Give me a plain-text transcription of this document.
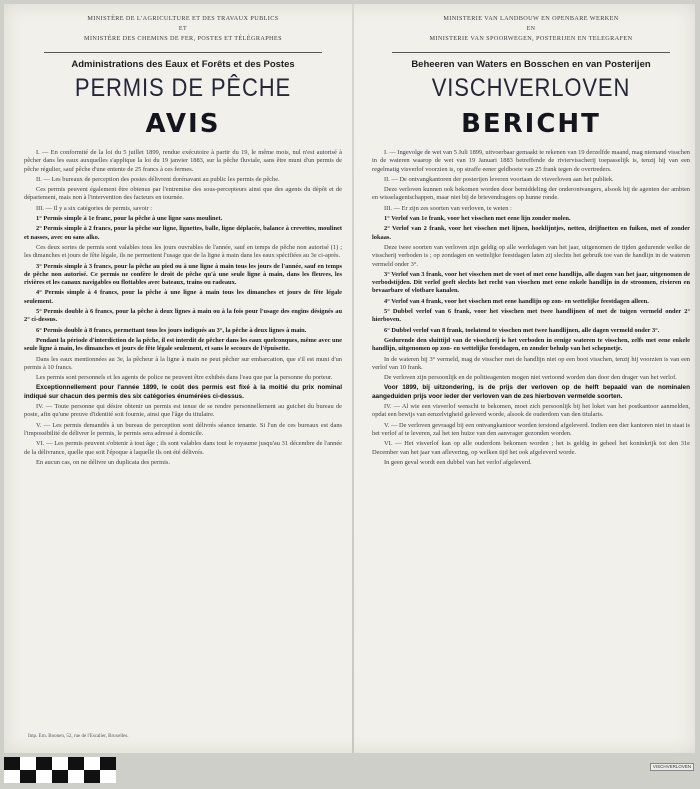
MINISTÈRE DE L'AGRICULTURE ET DES TRAVAUX PUBLICS
ET
MINISTÈRE DES CHEMINS DE FER, POSTES ET TÉLÉGRAPHES
Administrations des Eaux et Forêts et des Postes
PERMIS DE PÊCHE
AVIS

I. — En conformité de la loi du 5 juillet 1899, rendue exécutoire à partir du 19, le même mois, nul n'est autorisé à pêcher dans les eaux auxquelles s'applique la loi du 19 janvier 1883, sur la pêche fluviale, sans être muni d'un permis de pêche régulier, sauf pêche d'une entente de 25 francs à ces fermes.

II. — Les bureaux de perception des postes délivrent dorénavant au public les permis de pêche.

Ces permis peuvent également être obtenus par l'entremise des sous-percepteurs ainsi que des agents du dépôt et de département, mais non à l'intervention des facteurs en tournée.

III. — Il y a six catégories de permis, savoir :

1° Permis simple à 1e franc, pour la pêche à une ligne sans moulinet.

2° Permis simple à 2 francs, pour la pêche sur ligne, lignettes, balle, ligne déplacée, balance à crevettes, moulinet et nasses, avec ou sans alko.

Ces deux sortes de permis sont valables tous les jours ouvrables de l'année, sauf en temps de pêche non autorisé (1) ; les dimanches et jours de fête légale, ils ne permettent l'usage que de la ligne à main dans les eaux spécifiées au 3e ci-après.

3° Permis simple à 3 francs, pour la pêche au pied ou à une ligne à main tous les jours de l'année, sauf en temps de pêche non autorisé. Ce permis ne confère le droit de pêche qu'à une seule ligne à main, dans les fleuves, les rivières et les canaux navigables ou flottables avec bateaux, trains ou radeaux.

4° Permis simple à 4 francs, pour la pêche à une ligne à main tous les dimanches et jours de fête légale seulement.

5° Permis double à 6 francs, pour la pêche à deux lignes à main ou à la fois pour l'usage des engins désignés au 2° ci-dessus.

6° Permis double à 8 francs, permettant tous les jours indiqués au 3°, la pêche à deux lignes à main.

Pendant la période d'interdiction de la pêche, il est interdit de pêcher dans les eaux quelconques, même avec une seule ligne à main, les dimanches et jours de fête légale seulement, et sans le secours de l'épuisette.

Dans les eaux mentionnées au 3e, la pêcheur à la ligne à main ne peut pêcher sur embarcation, que s'il est muni d'un permis à 10 francs.

Les permis sont personnels et les agents de police ne peuvent être exhibés dans l'eau que par la personne du porteur.

Exceptionnellement pour l'année 1899, le coût des permis est fixé à la moitié du prix nominal indiqué sur chacun des permis des six catégories énumérées ci-dessus.

IV. — Toute personne qui désire obtenir un permis est tenue de se rendre personnellement au guichet du bureau de poste, afin qu'une preuve d'identité soit fournie, ainsi que l'âge du titulaire.

V. — Les permis demandés à un bureau de perception sont délivrés séance tenante. Si l'un de ces bureaux est dans l'impossibilité de délivrer le permis, le permis sera adressé à domicile.

VI. — Les permis peuvent s'obtenir à tout âge ; ils sont valables dans tout le royaume jusqu'au 31 décembre de l'année de la délivrance, quelle que soit l'époque à laquelle ils ont été délivrés.

En aucun cas, on ne délivre un duplicata des permis.

MINISTERIE VAN LANDBOUW EN OPENBARE WERKEN
EN
MINISTERIE VAN SPOORWEGEN, POSTERIJEN EN TELEGRAFEN
Beheeren van Waters en Bosschen en van Posterijen
VISCHVERLOVEN
BERICHT

I. — Ingevolge de wet van 5 Juli 1899, uitvoerbaar gemaakt te rekenen van 19 derzelfde maand, mag niemand visschen in de wateren waarop de wet van 19 Januari 1883 betreffende de riviervisscherij toepasselijk is, tenzij hij van een regelmatig visverlof voorzien is, op straffe eener geldboete van 25 frank tegen de overtreders.

II. — De ontvangkantoren der posterijen leveren voortaan de visverloven aan het publiek.

Deze verloven kunnen ook bekomen worden door bemiddeling der onderontvangers, alsook bij de agenten der ambten en wisselagentschappen, maar niet bij de brievendragers op hunne ronde.

III. — Er zijn zes soorten van verloven, te weten :

1° Verlof van 1e frank, voor het visschen met eene lijn zonder molen.

2° Verlof van 2 frank, voor het visschen met lijnen, hoeklijntjes, netten, drijfnetten en fuiken, met of zonder lokaas.

Deze twee soorten van verloven zijn geldig op alle werkdagen van het jaar, uitgenomen de tijden gedurende welke de visscherij verboden is ; op zondagen en wettelijke feestdagen laten zij slechts het gebruik toe van de handlijn in de wateren vermeld onder 3°.

3° Verlof van 3 frank, voor het visschen met de voet of met eene handlijn, alle dagen van het jaar, uitgenomen de verbodstijden. Dit verlof geeft slechts het recht van visschen met eene enkele handlijn in de stroomen, rivieren en bevaarbare of vlotbare kanalen.

4° Verlof van 4 frank, voor het visschen met eene handlijn op zon- en wettelijke feestdagen alleen.

5° Dubbel verlof van 6 frank, voor het visschen met twee handlijnen of met de tuigen vermeld onder 2° hierboven.

6° Dubbel verlof van 8 frank, toelatend te visschen met twee handlijnen, alle dagen vermeld onder 3°.

Gedurende den sluittijd van de visscherij is het verboden in eenige wateren te visschen, zelfs met eene enkele handlijn, uitgenomen op zon- en wettelijke feestdagen, en zonder behulp van het schepnetje.

In de wateren bij 3° vermeld, mag de visscher met de handlijn niet op een boot visschen, tenzij hij voorzien is van een verlof van 10 frank.

De verloven zijn persoonlijk en de politieagenten mogen niet vertoond worden dan door den drager van het verlof.

Voor 1899, bij uitzondering, is de prijs der verloven op de helft bepaald van de nominalen aangeduiden prijs voor ieder der verloven van de zes hierboven vermelde soorten.

IV. — Al wie een visverlof wenscht te bekomen, moet zich persoonlijk bij het loket van het postkantoor aanmelden, opdat een bewijs van eenzelvigheid geleverd worde, alsook de ouderdom van den titularis.

V. — De verloven gevraagd bij een ontvangkantoor worden terstond afgeleverd. Indien een dier kantoren niet in staat is het verlof af te leveren, zal het ten huize van den aanvrager gezonden worden.

VI. — Het visverlof kan op alle ouderdom bekomen worden ; het is geldig in geheel het koninkrijk tot den 31e December van het jaar van aflevering, op welken tijd het ook afgeleverd worde.

In geen geval wordt een dubbel van het verlof afgeleverd.

Imp. Ern. Boonen, 52, rue de l'Escalier, Bruxelles.
VISCHVERLOVEN
